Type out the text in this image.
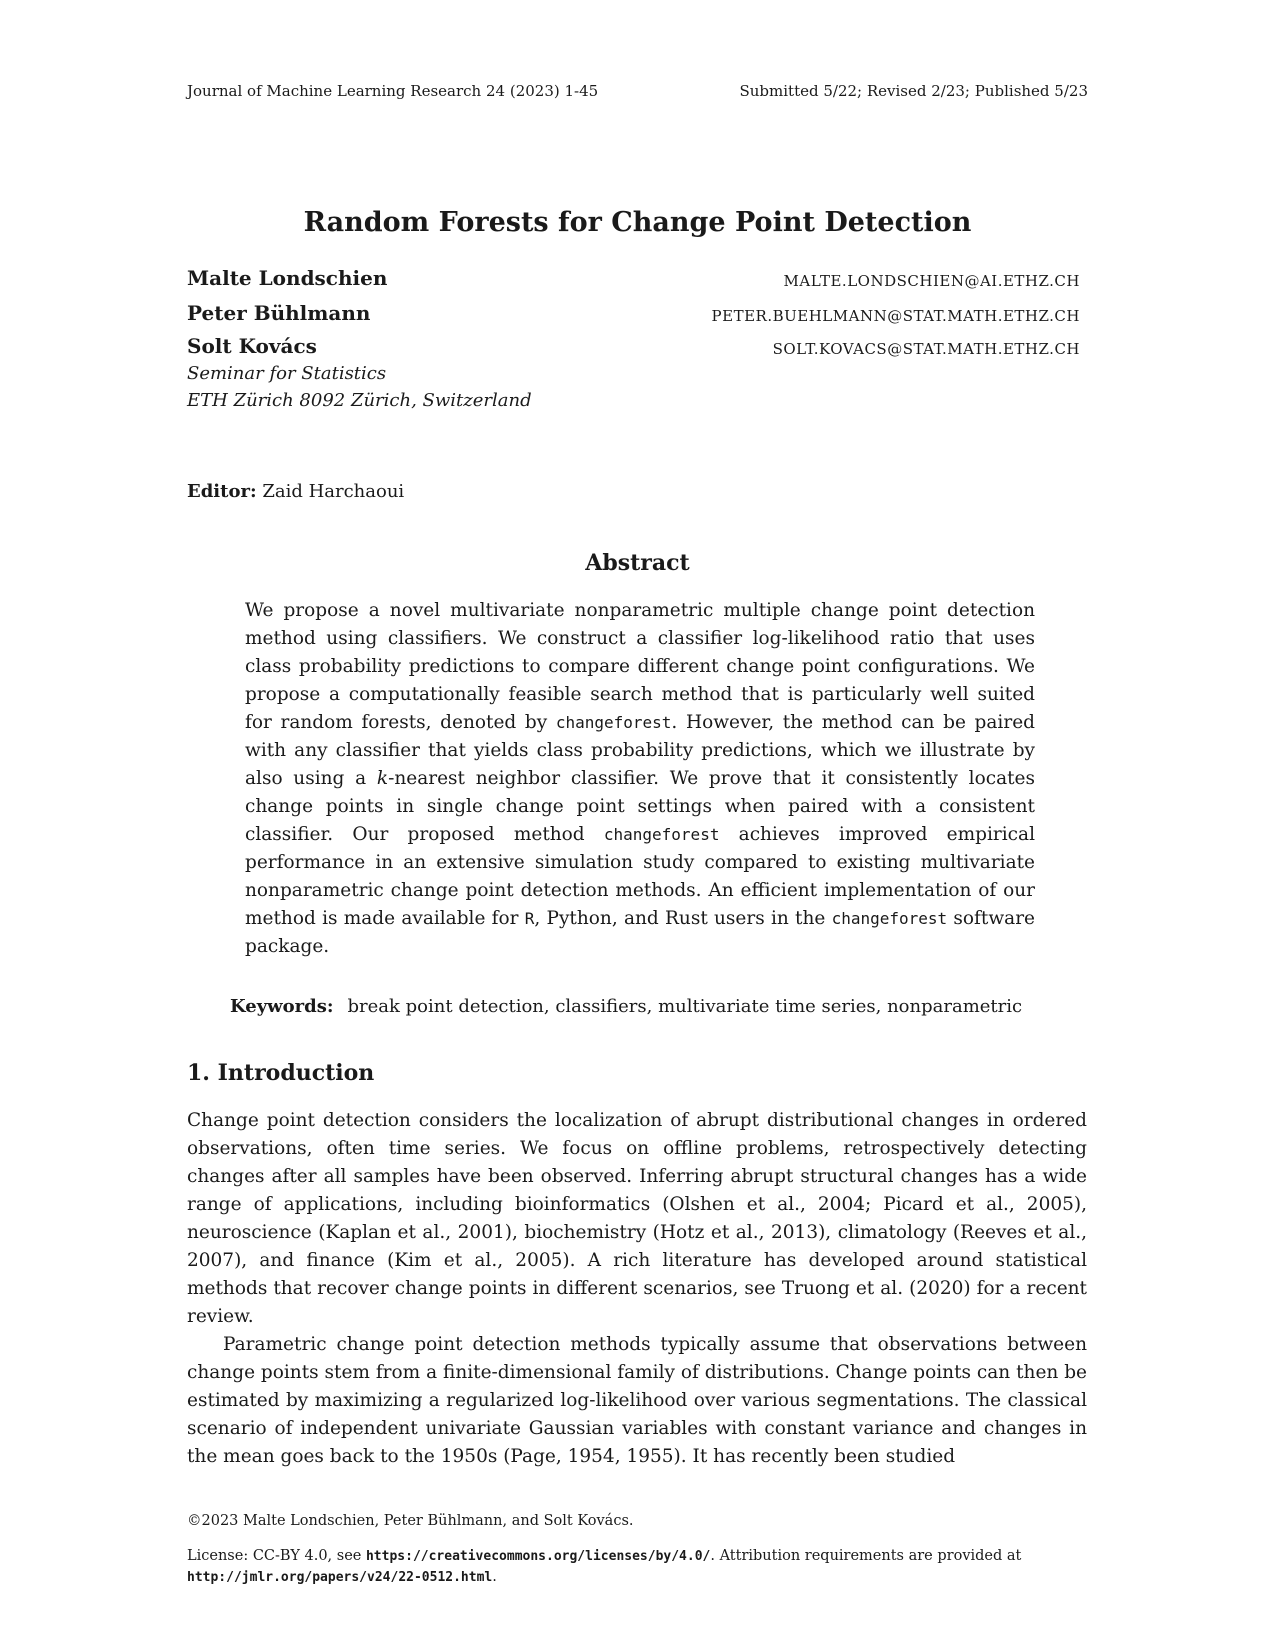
Journal of Machine Learning Research 24 (2023) 1-45	Submitted 5/22; Revised 2/23; Published 5/23
Random Forests for Change Point Detection
Malte Londschien	MALTE.LONDSCHIEN@AI.ETHZ.CH
Peter Bühlmann	PETER.BUEHLMANN@STAT.MATH.ETHZ.CH
Solt Kovács	SOLT.KOVACS@STAT.MATH.ETHZ.CH
Seminar for Statistics
ETH Zürich 8092 Zürich, Switzerland
Editor: Zaid Harchaoui
Abstract

We propose a novel multivariate nonparametric multiple change point detection method using classifiers. We construct a classifier log-likelihood ratio that uses class probability predictions to compare different change point configurations. We propose a computationally feasible search method that is particularly well suited for random forests, denoted by changeforest. However, the method can be paired with any classifier that yields class probability predictions, which we illustrate by also using a k-nearest neighbor classifier. We prove that it consistently locates change points in single change point settings when paired with a consistent classifier. Our proposed method changeforest achieves improved empirical performance in an extensive simulation study compared to existing multivariate nonparametric change point detection methods. An efficient implementation of our method is made available for R, Python, and Rust users in the changeforest software package.

Keywords: break point detection, classifiers, multivariate time series, nonparametric
1. Introduction

Change point detection considers the localization of abrupt distributional changes in ordered observations, often time series. We focus on offline problems, retrospectively detecting changes after all samples have been observed. Inferring abrupt structural changes has a wide range of applications, including bioinformatics (Olshen et al., 2004; Picard et al., 2005), neuroscience (Kaplan et al., 2001), biochemistry (Hotz et al., 2013), climatology (Reeves et al., 2007), and finance (Kim et al., 2005). A rich literature has developed around statistical methods that recover change points in different scenarios, see Truong et al. (2020) for a recent review.

Parametric change point detection methods typically assume that observations between change points stem from a finite-dimensional family of distributions. Change points can then be estimated by maximizing a regularized log-likelihood over various segmentations. The classical scenario of independent univariate Gaussian variables with constant variance and changes in the mean goes back to the 1950s (Page, 1954, 1955). It has recently been studied

©2023 Malte Londschien, Peter Bühlmann, and Solt Kovács.
License: CC-BY 4.0, see https://creativecommons.org/licenses/by/4.0/. Attribution requirements are provided at http://jmlr.org/papers/v24/22-0512.html.
